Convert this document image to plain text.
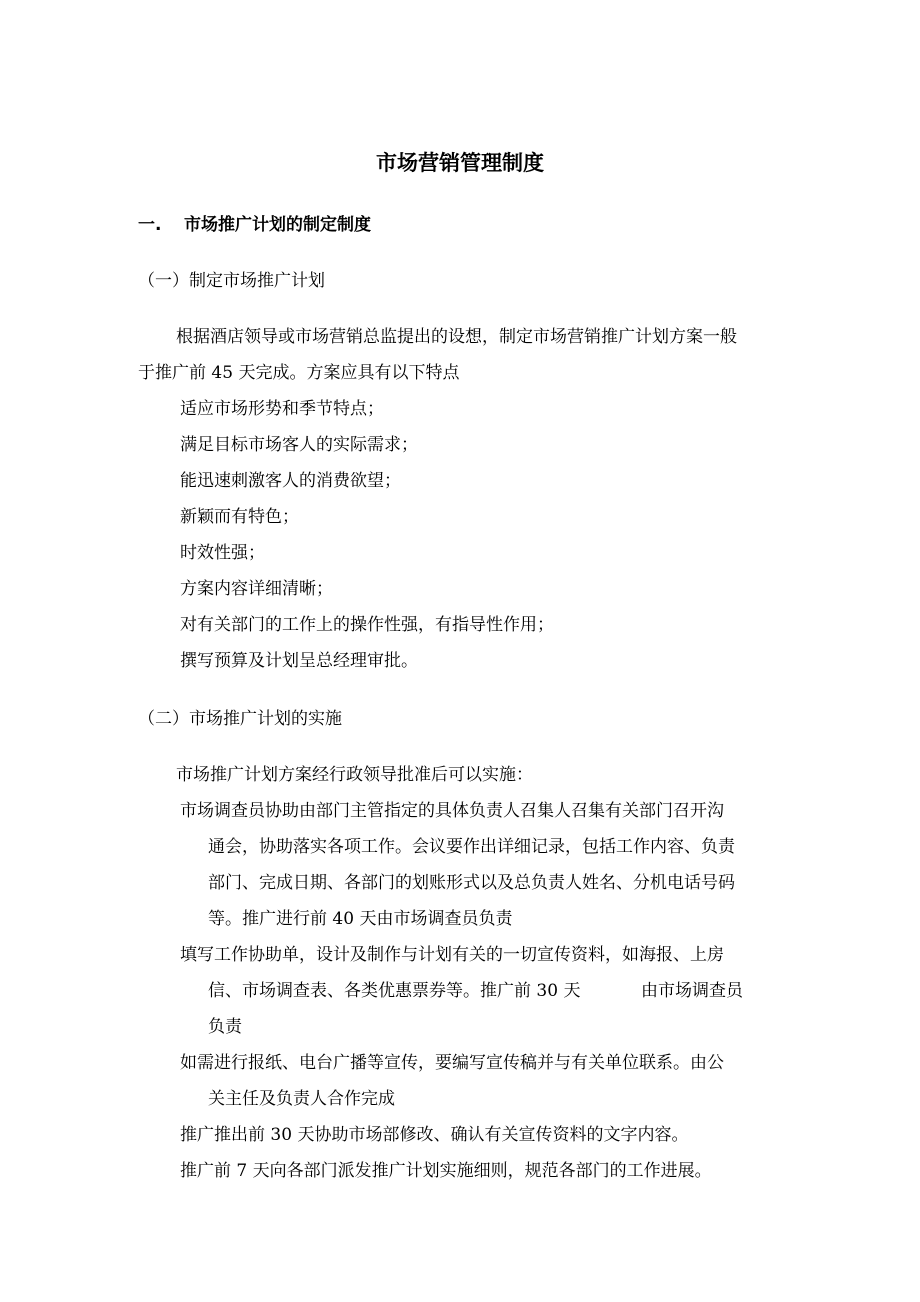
市场营销管理制度
一. 市场推广计划的制定制度
（一）制定市场推广计划
根据酒店领导或市场营销总监提出的设想，制定市场营销推广计划方案一般
于推广前 45 天完成。方案应具有以下特点
适应市场形势和季节特点；
满足目标市场客人的实际需求；
能迅速刺激客人的消费欲望；
新颖而有特色；
时效性强；
方案内容详细清晰；
对有关部门的工作上的操作性强，有指导性作用；
撰写预算及计划呈总经理审批。
（二）市场推广计划的实施
市场推广计划方案经行政领导批准后可以实施：
市场调查员协助由部门主管指定的具体负责人召集人召集有关部门召开沟
通会，协助落实各项工作。会议要作出详细记录，包括工作内容、负责
部门、完成日期、各部门的划账形式以及总负责人姓名、分机电话号码
等。推广进行前 40 天由市场调查员负责
填写工作协助单，设计及制作与计划有关的一切宣传资料，如海报、上房
信、市场调查表、各类优惠票券等。推广前 30 天	由市场调查员
负责
如需进行报纸、电台广播等宣传，要编写宣传稿并与有关单位联系。由公
关主任及负责人合作完成
推广推出前 30 天协助市场部修改、确认有关宣传资料的文字内容。
推广前 7 天向各部门派发推广计划实施细则，规范各部门的工作进展。
